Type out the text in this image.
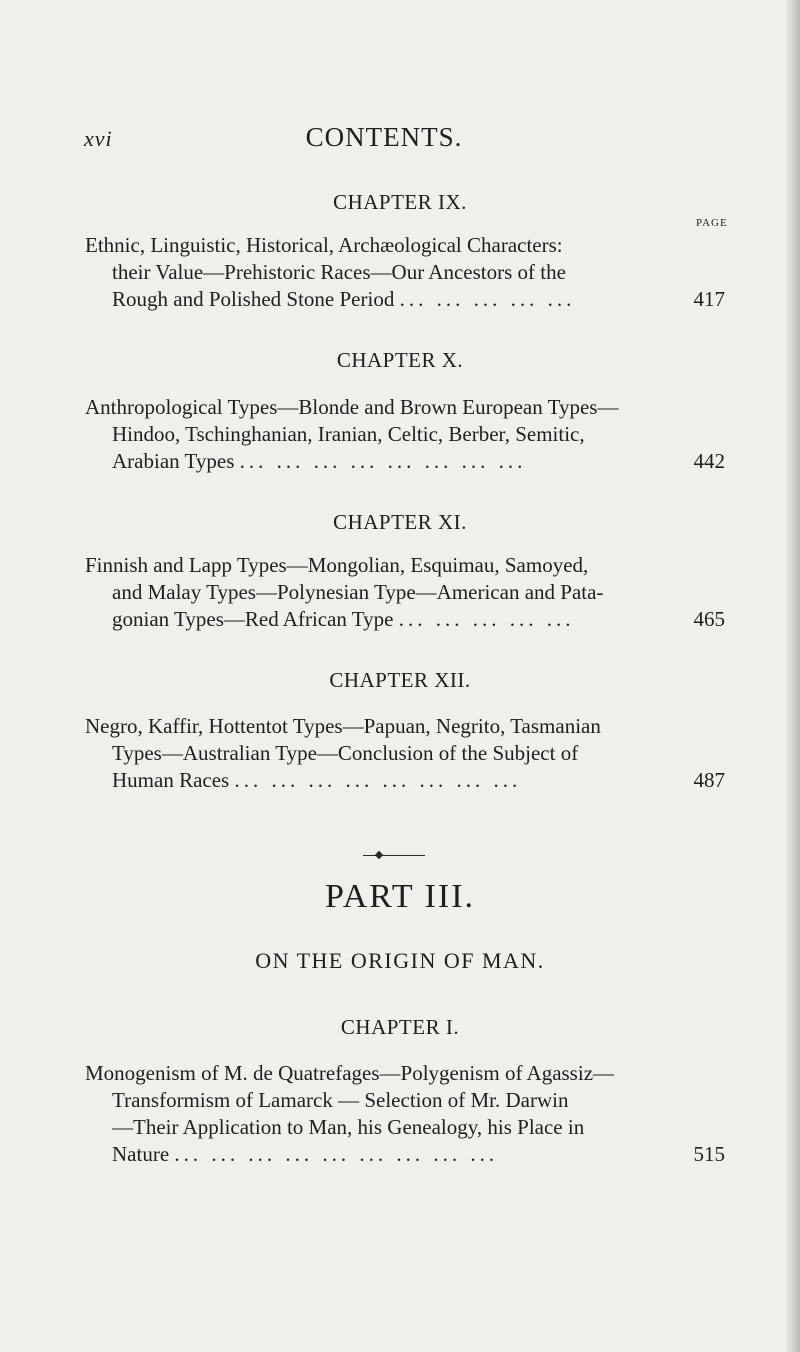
xvi	CONTENTS.
CHAPTER IX.
PAGE
Ethnic, Linguistic, Historical, Archæological Characters:
their Value—Prehistoric Races—Our Ancestors of the
Rough and Polished Stone Period ... ... ... ... ...	417
CHAPTER X.
Anthropological Types—Blonde and Brown European Types—
Hindoo, Tschinghanian, Iranian, Celtic, Berber, Semitic,
Arabian Types ... ... ... ... ... ... ... ...	442
CHAPTER XI.
Finnish and Lapp Types—Mongolian, Esquimau, Samoyed,
and Malay Types—Polynesian Type—American and Pata-
gonian Types—Red African Type ... ... ... ... ...	465
CHAPTER XII.
Negro, Kaffir, Hottentot Types—Papuan, Negrito, Tasmanian
Types—Australian Type—Conclusion of the Subject of
Human Races ... ... ... ... ... ... ... ...	487
PART III.
ON THE ORIGIN OF MAN.
CHAPTER I.
Monogenism of M. de Quatrefages—Polygenism of Agassiz—
Transformism of Lamarck — Selection of Mr. Darwin
—Their Application to Man, his Genealogy, his Place in
Nature ... ... ... ... ... ... ... ... ...	515
